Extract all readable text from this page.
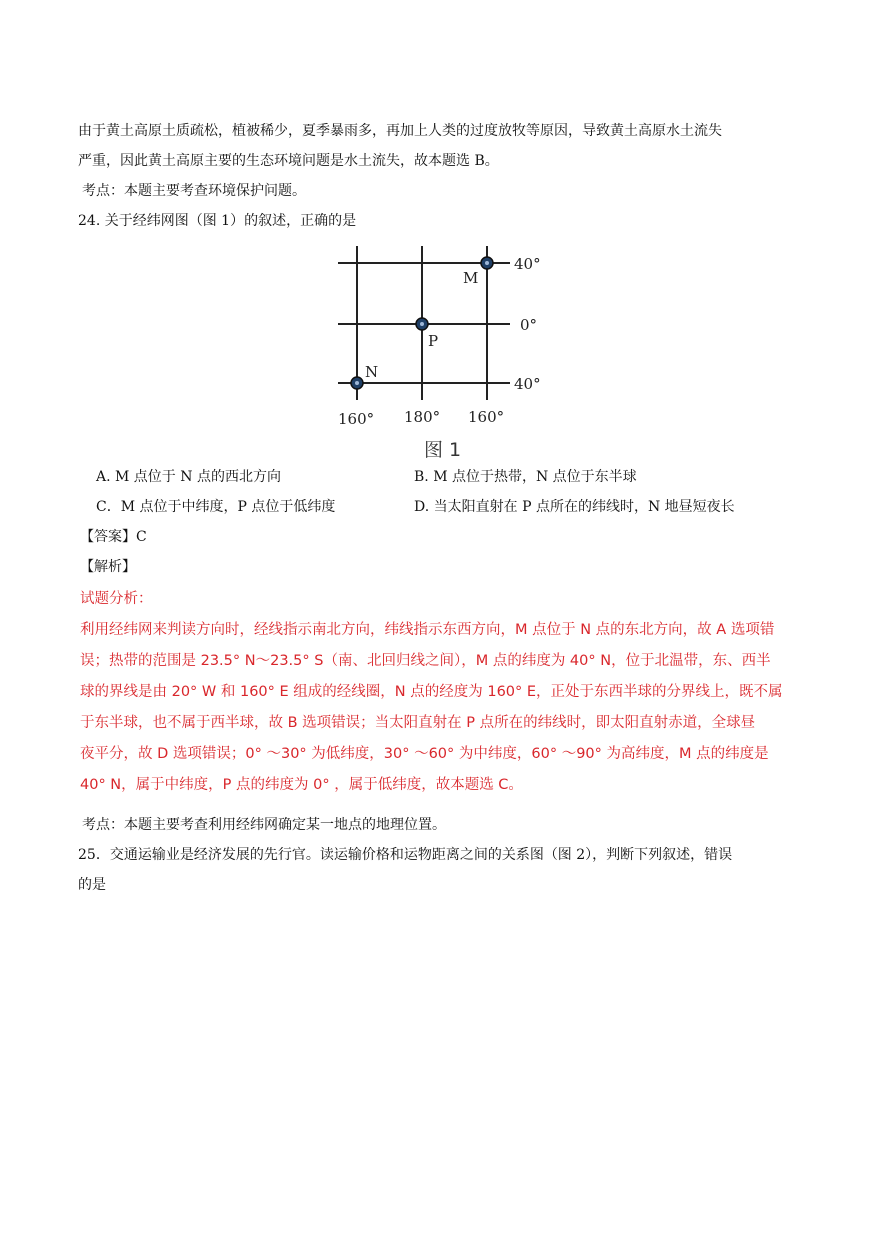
由于黄土高原土质疏松，植被稀少，夏季暴雨多，再加上人类的过度放牧等原因，导致黄土高原水土流失
严重，因此黄土高原主要的生态环境问题是水土流失，故本题选 B。
考点：本题主要考查环境保护问题。
24. 关于经纬网图（图 1）的叙述，正确的是
M
P
N
40°
0°
40°
160° 180° 160°
图 1
A. M 点位于 N 点的西北方向	B. M 点位于热带，N 点位于东半球
C．M 点位于中纬度，P 点位于低纬度	D. 当太阳直射在 P 点所在的纬线时，N 地昼短夜长
【答案】C
【解析】
试题分析：
利用经纬网来判读方向时，经线指示南北方向，纬线指示东西方向，M 点位于 N 点的东北方向，故 A 选项错
误；热带的范围是 23.5° N～23.5° S（南、北回归线之间），M 点的纬度为 40° N，位于北温带，东、西半
球的界线是由 20° W 和 160° E 组成的经线圈，N 点的经度为 160° E，正处于东西半球的分界线上，既不属
于东半球，也不属于西半球，故 B 选项错误；当太阳直射在 P 点所在的纬线时，即太阳直射赤道，全球昼
夜平分，故 D 选项错误；0° ～30° 为低纬度，30° ～60° 为中纬度，60° ～90° 为高纬度，M 点的纬度是
40° N，属于中纬度，P 点的纬度为 0° ，属于低纬度，故本题选 C。
考点：本题主要考查利用经纬网确定某一地点的地理位置。
25．交通运输业是经济发展的先行官。读运输价格和运物距离之间的关系图（图 2），判断下列叙述，错误
的是
